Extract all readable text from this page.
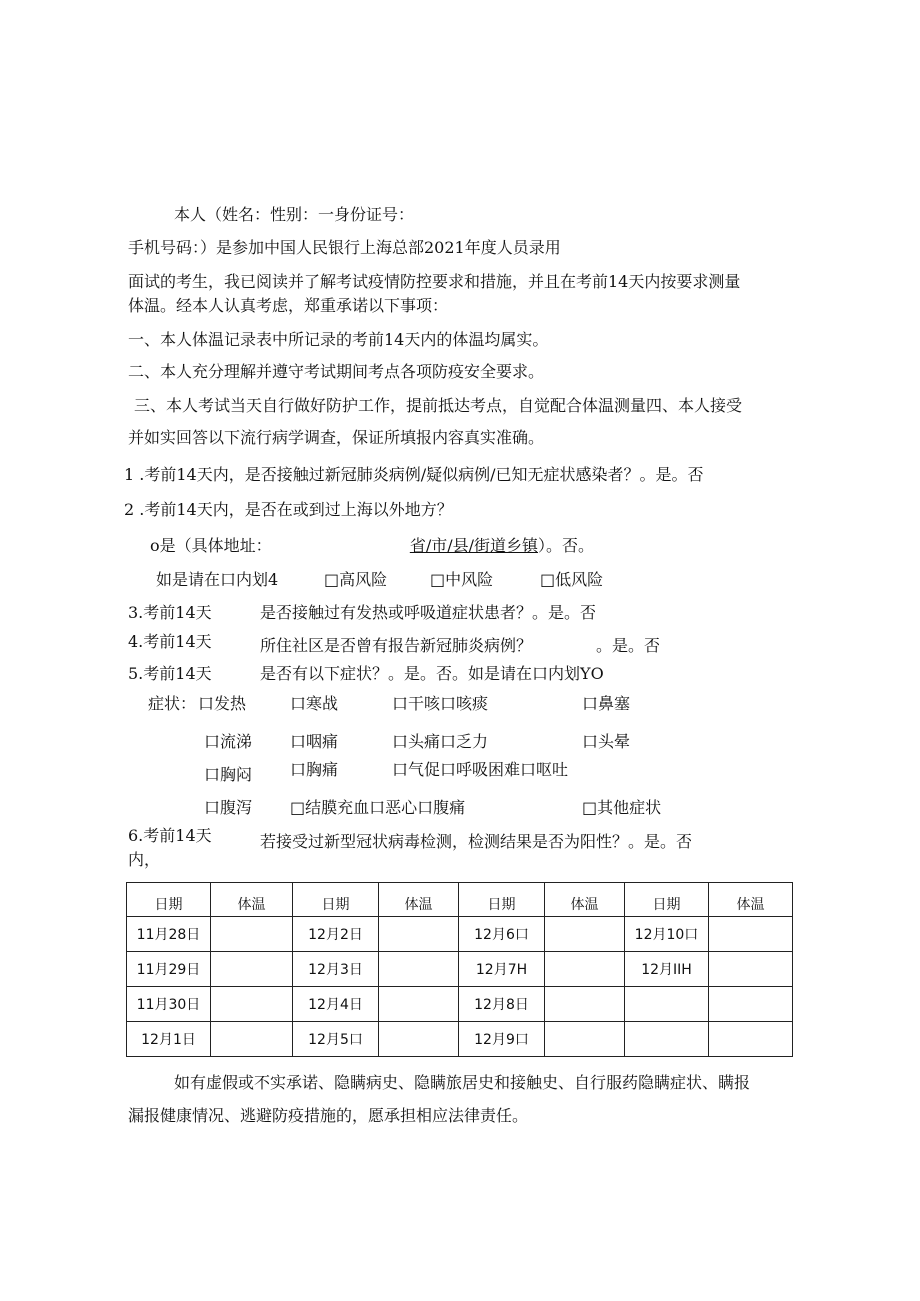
本人（姓名：性别：一身份证号：
手机号码：）是参加中国人民银行上海总部2021年度人员录用
面试的考生，我已阅读并了解考试疫情防控要求和措施，并且在考前14天内按要求测量
体温。经本人认真考虑，郑重承诺以下事项：
一、本人体温记录表中所记录的考前14天内的体温均属实。
二、本人充分理解并遵守考试期间考点各项防疫安全要求。
三、本人考试当天自行做好防护工作，提前抵达考点，自觉配合体温测量四、本人接受
并如实回答以下流行病学调查，保证所填报内容真实准确。
1 .考前14天内，是否接触过新冠肺炎病例/疑似病例/已知无症状感染者？。是。否
2 .考前14天内，是否在或到过上海以外地方？
o是（具体地址：	省/市/县/街道乡镇 ）。否。
如是请在口内划4	□高风险	□中风险	□低风险
3.考前14天	是否接触过有发热或呼吸道症状患者？。是。否
4.考前14天	所住社区是否曾有报告新冠肺炎病例？	。是。否
5.考前14天	是否有以下症状？。是。否。如是请在口内划YO
症状： 口发热	口寒战	口干咳口咳痰	口鼻塞
口流涕 口咽痛	口头痛口乏力	口头晕
口胸闷 口胸痛	口气促口呼吸困难口呕吐
口腹泻 □结膜充血口恶心口腹痛	□其他症状
6.考前14天
内，
若接受过新型冠状病毒检测，检测结果是否为阳性？。是。否
日期	体温	日期	体温	日期	体温	日期	体温
11月28日		12月2日		12月6口		12月10口	
11月29日		12月3日		12月7H		12月IIH	
11月30日		12月4日		12月8日			
12月1日		12月5口		12月9口			
如有虚假或不实承诺、隐瞒病史、隐瞒旅居史和接触史、自行服药隐瞒症状、瞒报
漏报健康情况、逃避防疫措施的，愿承担相应法律责任。
